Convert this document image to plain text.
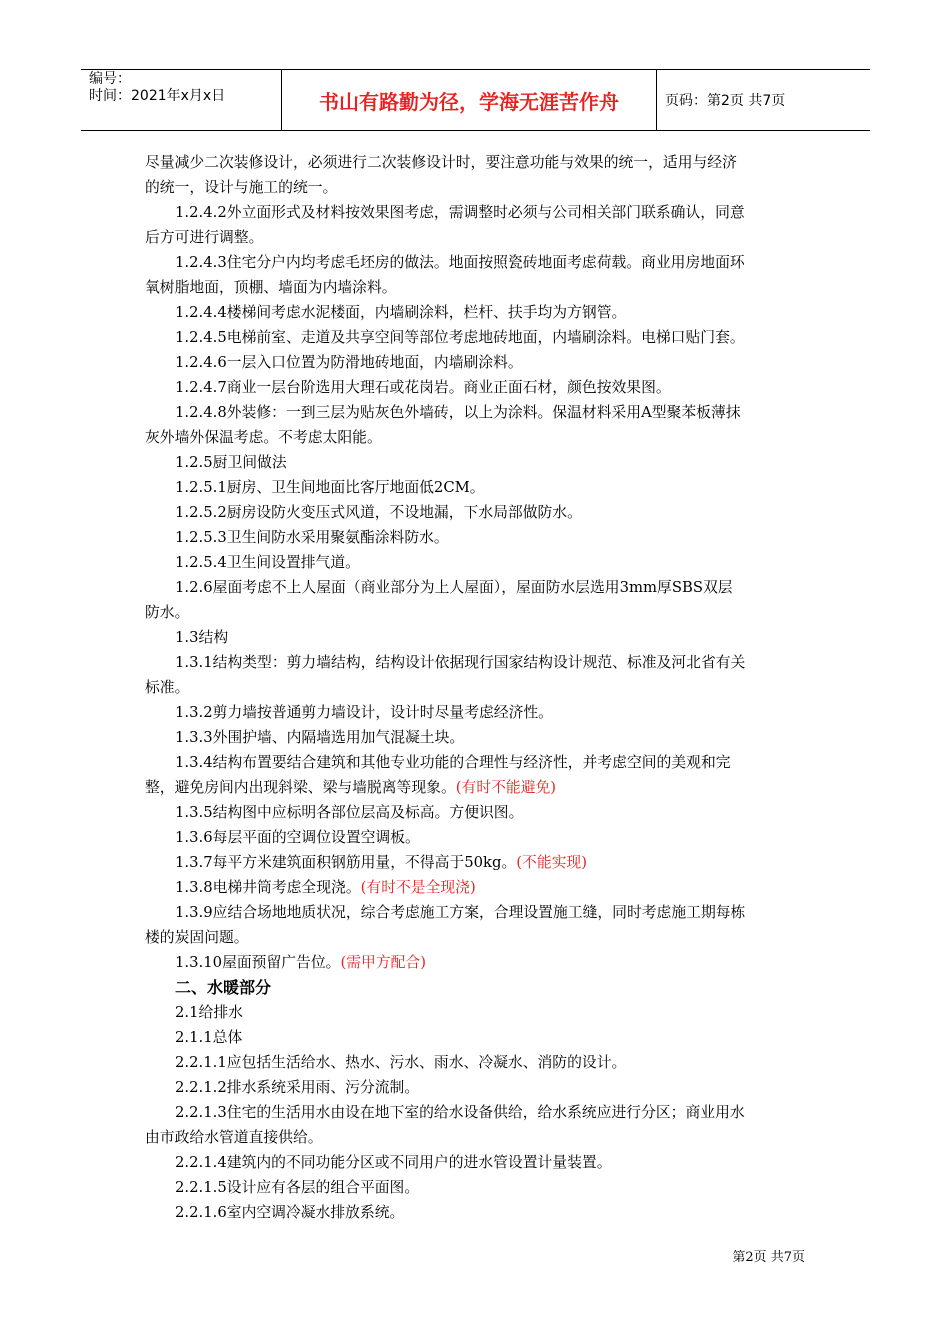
编号：
时间：2021年x月x日	书山有路勤为径，学海无涯苦作舟	页码：第2页 共7页
尽量减少二次装修设计，必须进行二次装修设计时，要注意功能与效果的统一，适用与经济
的统一，设计与施工的统一。
1.2.4.2外立面形式及材料按效果图考虑，需调整时必须与公司相关部门联系确认，同意
后方可进行调整。
1.2.4.3住宅分户内均考虑毛坯房的做法。地面按照瓷砖地面考虑荷载。商业用房地面环
氧树脂地面，顶棚、墙面为内墙涂料。
1.2.4.4楼梯间考虑水泥楼面，内墙刷涂料，栏杆、扶手均为方钢管。
1.2.4.5电梯前室、走道及共享空间等部位考虑地砖地面，内墙刷涂料。电梯口贴门套。
1.2.4.6一层入口位置为防滑地砖地面，内墙刷涂料。
1.2.4.7商业一层台阶选用大理石或花岗岩。商业正面石材，颜色按效果图。
1.2.4.8外装修：一到三层为贴灰色外墙砖，以上为涂料。保温材料采用A型聚苯板薄抹
灰外墙外保温考虑。不考虑太阳能。
1.2.5厨卫间做法
1.2.5.1厨房、卫生间地面比客厅地面低2CM。
1.2.5.2厨房设防火变压式风道，不设地漏，下水局部做防水。
1.2.5.3卫生间防水采用聚氨酯涂料防水。
1.2.5.4卫生间设置排气道。
1.2.6屋面考虑不上人屋面（商业部分为上人屋面），屋面防水层选用3mm厚SBS双层
防水。
1.3结构
1.3.1结构类型：剪力墙结构，结构设计依据现行国家结构设计规范、标准及河北省有关
标准。
1.3.2剪力墙按普通剪力墙设计，设计时尽量考虑经济性。
1.3.3外围护墙、内隔墙选用加气混凝土块。
1.3.4结构布置要结合建筑和其他专业功能的合理性与经济性，并考虑空间的美观和完
整，避免房间内出现斜梁、梁与墙脱离等现象。(有时不能避免)
1.3.5结构图中应标明各部位层高及标高。方便识图。
1.3.6每层平面的空调位设置空调板。
1.3.7每平方米建筑面积钢筋用量，不得高于50kg。(不能实现)
1.3.8电梯井筒考虑全现浇。(有时不是全现浇)
1.3.9应结合场地地质状况，综合考虑施工方案，合理设置施工缝，同时考虑施工期每栋
楼的炭固问题。
1.3.10屋面预留广告位。(需甲方配合)
二、水暖部分
2.1给排水
2.1.1总体
2.2.1.1应包括生活给水、热水、污水、雨水、冷凝水、消防的设计。
2.2.1.2排水系统采用雨、污分流制。
2.2.1.3住宅的生活用水由设在地下室的给水设备供给，给水系统应进行分区；商业用水
由市政给水管道直接供给。
2.2.1.4建筑内的不同功能分区或不同用户的进水管设置计量装置。
2.2.1.5设计应有各层的组合平面图。
2.2.1.6室内空调冷凝水排放系统。
第2页 共7页
